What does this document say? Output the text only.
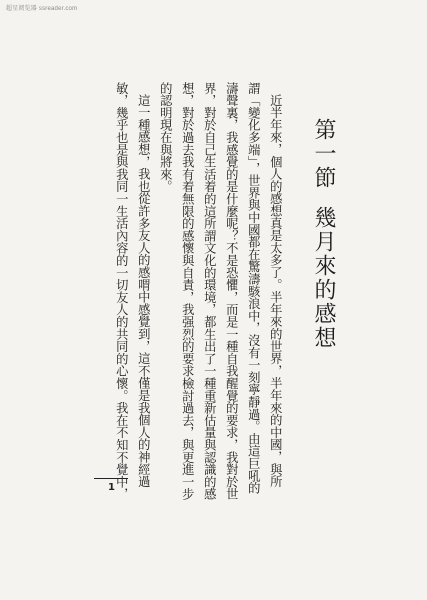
超星阅览器 ssreader.com
第一節幾月來的感想
近半年來，個人的感想真是太多了。半年來的世界，半年來的中國，與所
謂「變化多端」，世界與中國都在驚濤駭浪中，沒有一刻寧靜過。由這巨吼的
濤聲裏，我感覺的是什麼呢？不是恐懼，而是一種自我醒覺的要求，我對於世
界，對於自己生活着的這所謂文化的環境，都生出了一種重新估量與認識的感
想，對於過去我有着無限的感懷與自責，我强烈的要求檢討過去，與更進一步
的認明現在與將來。
這一種感想，我也從許多友人的感喟中感覺到，這不僅是我個人的神經過
敏，幾乎也是與我同一生活內容的一切友人的共同的心懷。我在不知不覺中，
1
